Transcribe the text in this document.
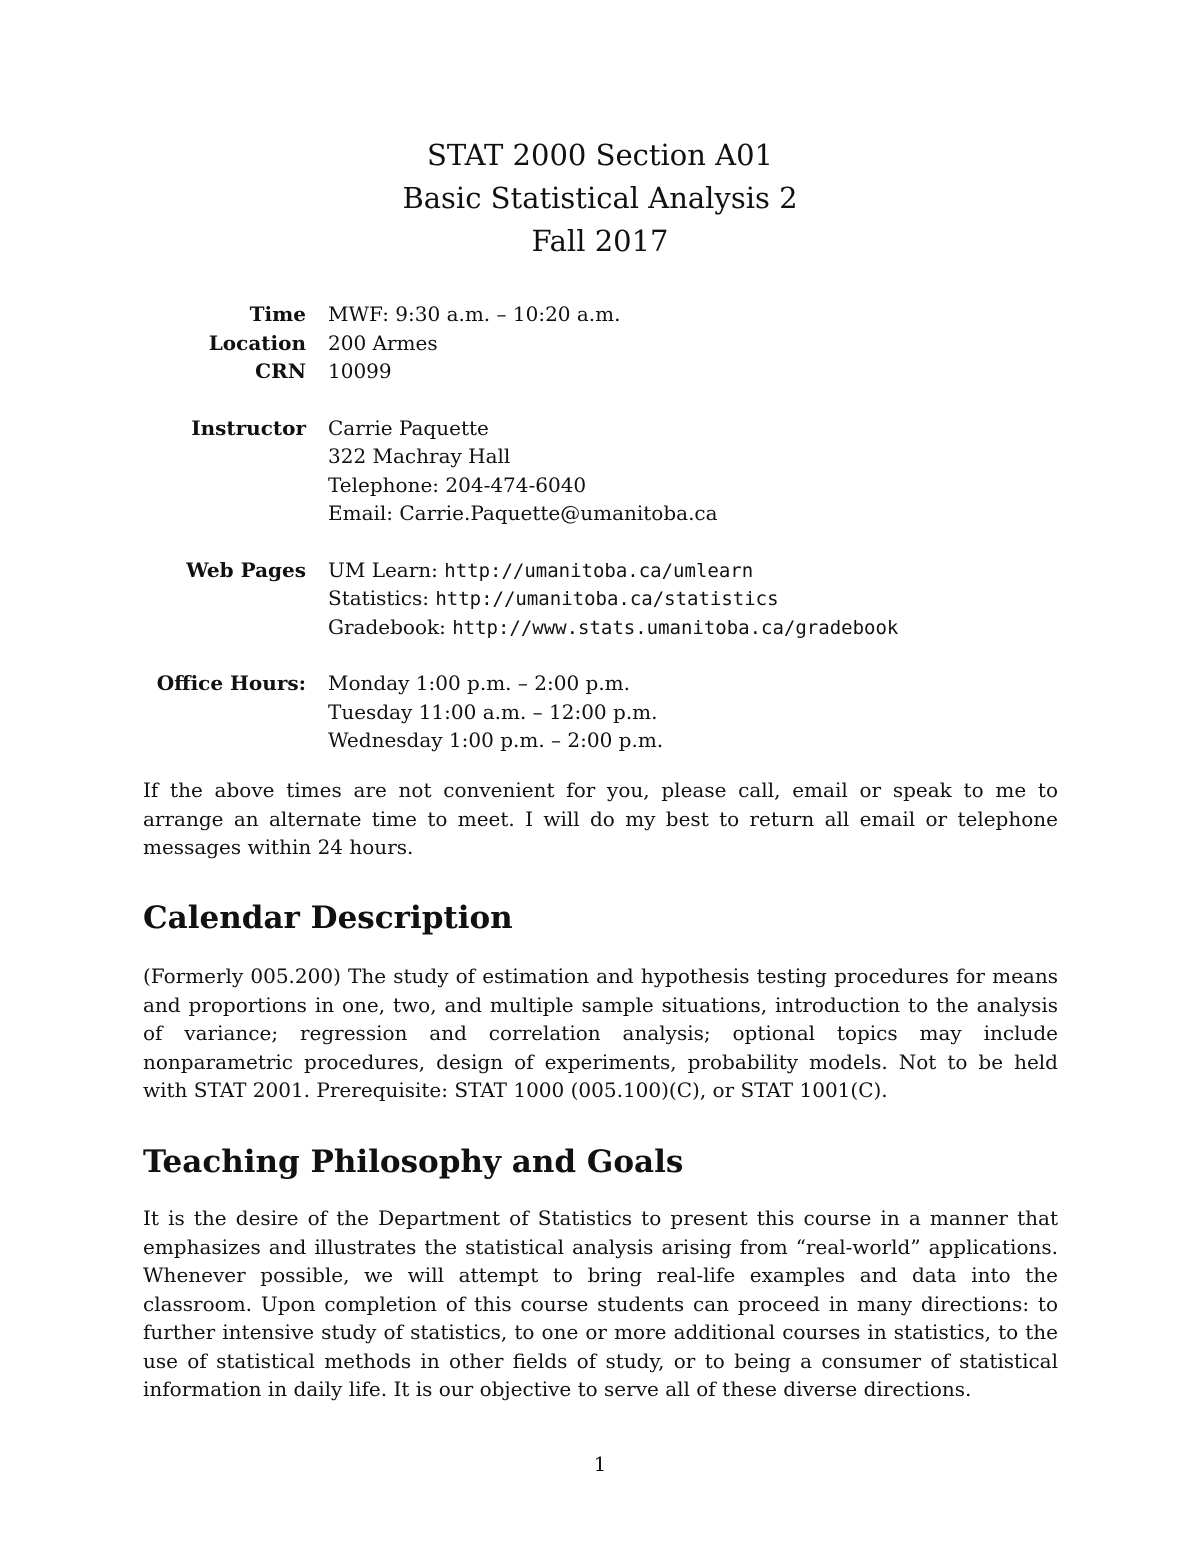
STAT 2000 Section A01
Basic Statistical Analysis 2
Fall 2017
Time MWF: 9:30 a.m. – 10:20 a.m.
Location 200 Armes
CRN 10099
Instructor Carrie Paquette
322 Machray Hall
Telephone: 204-474-6040
Email: Carrie.Paquette@umanitoba.ca
Web Pages UM Learn: http://umanitoba.ca/umlearn
Statistics: http://umanitoba.ca/statistics
Gradebook: http://www.stats.umanitoba.ca/gradebook
Office Hours: Monday 1:00 p.m. – 2:00 p.m.
Tuesday 11:00 a.m. – 12:00 p.m.
Wednesday 1:00 p.m. – 2:00 p.m.
If the above times are not convenient for you, please call, email or speak to me to arrange an alternate time to meet. I will do my best to return all email or telephone messages within 24 hours.
Calendar Description
(Formerly 005.200) The study of estimation and hypothesis testing procedures for means and proportions in one, two, and multiple sample situations, introduction to the analysis of variance; regression and correlation analysis; optional topics may include nonparametric procedures, design of experiments, probability models. Not to be held with STAT 2001. Prerequisite: STAT 1000 (005.100)(C), or STAT 1001(C).
Teaching Philosophy and Goals
It is the desire of the Department of Statistics to present this course in a manner that emphasizes and illustrates the statistical analysis arising from “real-world” applications. Whenever possible, we will attempt to bring real-life examples and data into the classroom. Upon completion of this course students can proceed in many directions: to further intensive study of statistics, to one or more additional courses in statistics, to the use of statistical methods in other fields of study, or to being a consumer of statistical information in daily life. It is our objective to serve all of these diverse directions.
1
